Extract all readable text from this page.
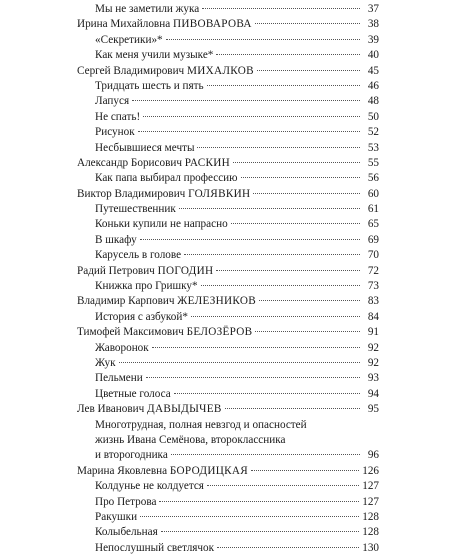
Мы не заметили жука	37
Ирина Михайловна ПИВОВАРОВА	38
«Секретики»*	39
Как меня учили музыке*	40
Сергей Владимирович МИХАЛКОВ	45
Тридцать шесть и пять	46
Лапуся	48
Не спать!	50
Рисунок	52
Несбывшиеся мечты	53
Александр Борисович РАСКИН	55
Как папа выбирал профессию	56
Виктор Владимирович ГОЛЯВКИН	60
Путешественник	61
Коньки купили не напрасно	65
В шкафу	69
Карусель в голове	70
Радий Петрович ПОГОДИН	72
Книжка про Гришку*	73
Владимир Карпович ЖЕЛЕЗНИКОВ	83
История с азбукой*	84
Тимофей Максимович БЕЛОЗЁРОВ	91
Жаворонок	92
Жук	92
Пельмени	93
Цветные голоса	94
Лев Иванович ДАВЫДЫЧЕВ	95
Многотрудная, полная невзгод и опасностей
жизнь Ивана Семёнова, второклассника
и второгодника	96
Марина Яковлевна БОРОДИЦКАЯ	126
Колдунье не колдуется	127
Про Петрова	127
Ракушки	128
Колыбельная	128
Непослушный светлячок	130
